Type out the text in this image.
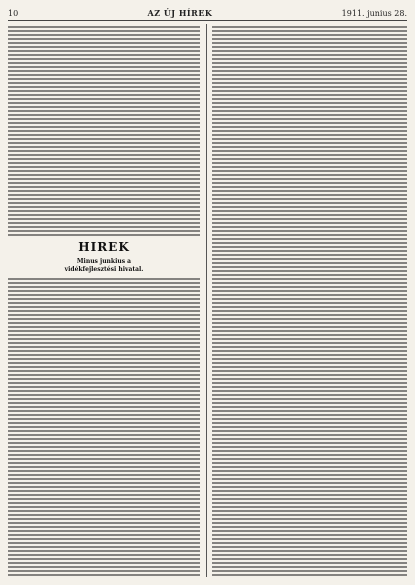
10	AZ ÚJ HÍREK	1911. junius 28.
HIREK
Minus junkius a
vidékfejlesztési hivatal.
